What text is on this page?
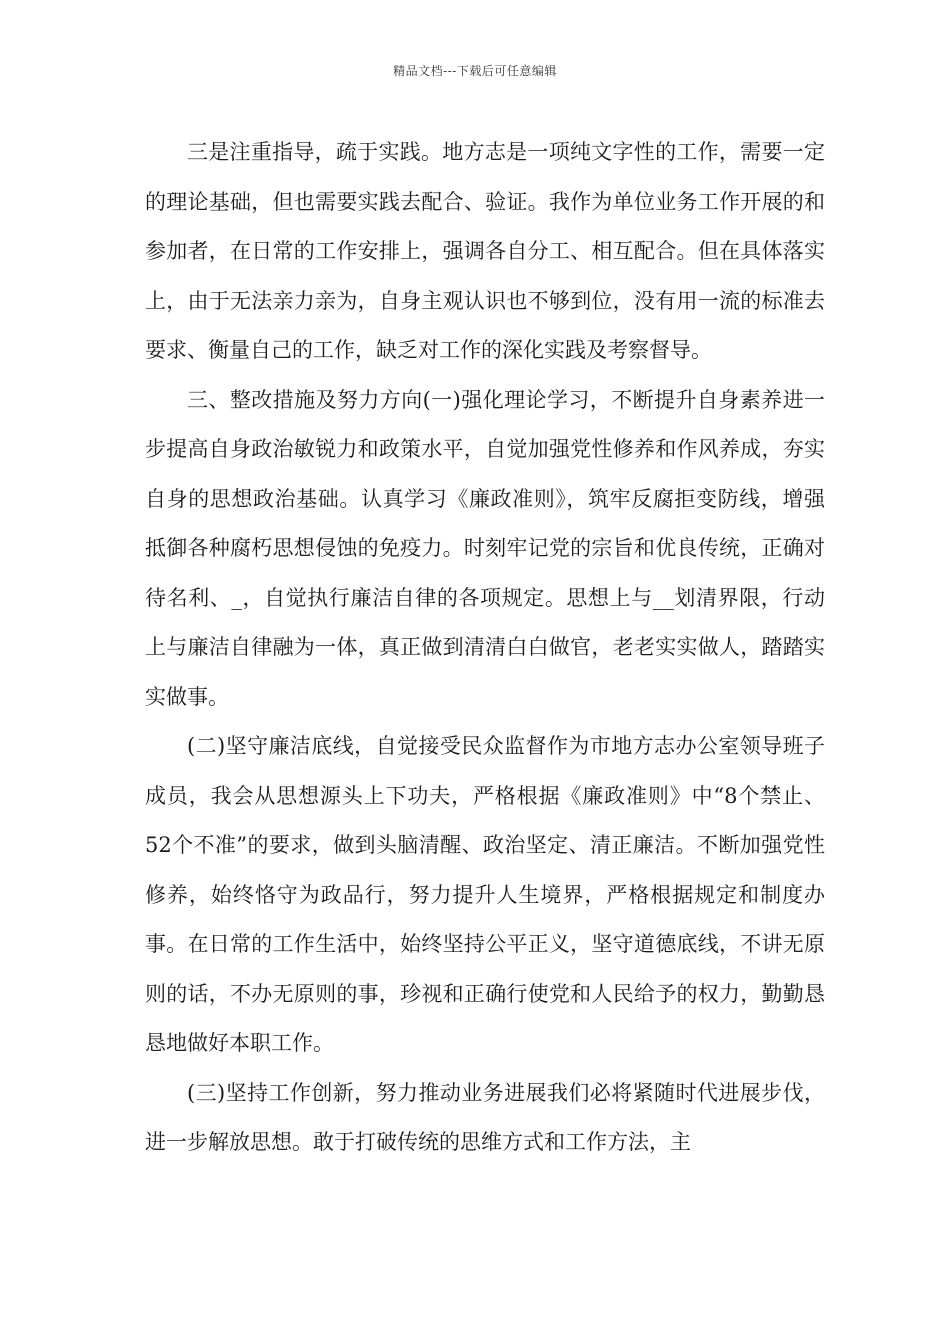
精品文档---下载后可任意编辑

三是注重指导，疏于实践。地方志是一项纯文字性的工作，需要一定的理论基础，但也需要实践去配合、验证。我作为单位业务工作开展的和参加者，在日常的工作安排上，强调各自分工、相互配合。但在具体落实上，由于无法亲力亲为，自身主观认识也不够到位，没有用一流的标准去要求、衡量自己的工作，缺乏对工作的深化实践及考察督导。

三、整改措施及努力方向(一)强化理论学习，不断提升自身素养进一步提高自身政治敏锐力和政策水平，自觉加强党性修养和作风养成，夯实自身的思想政治基础。认真学习《廉政准则》，筑牢反腐拒变防线，增强抵御各种腐朽思想侵蚀的免疫力。时刻牢记党的宗旨和优良传统，正确对待名利、_，自觉执行廉洁自律的各项规定。思想上与__划清界限，行动上与廉洁自律融为一体，真正做到清清白白做官，老老实实做人，踏踏实实做事。

(二)坚守廉洁底线，自觉接受民众监督作为市地方志办公室领导班子成员，我会从思想源头上下功夫，严格根据《廉政准则》中“8个禁止、52个不准”的要求，做到头脑清醒、政治坚定、清正廉洁。不断加强党性修养，始终恪守为政品行，努力提升人生境界，严格根据规定和制度办事。在日常的工作生活中，始终坚持公平正义，坚守道德底线，不讲无原则的话，不办无原则的事，珍视和正确行使党和人民给予的权力，勤勤恳恳地做好本职工作。

(三)坚持工作创新，努力推动业务进展我们必将紧随时代进展步伐，进一步解放思想。敢于打破传统的思维方式和工作方法，主
